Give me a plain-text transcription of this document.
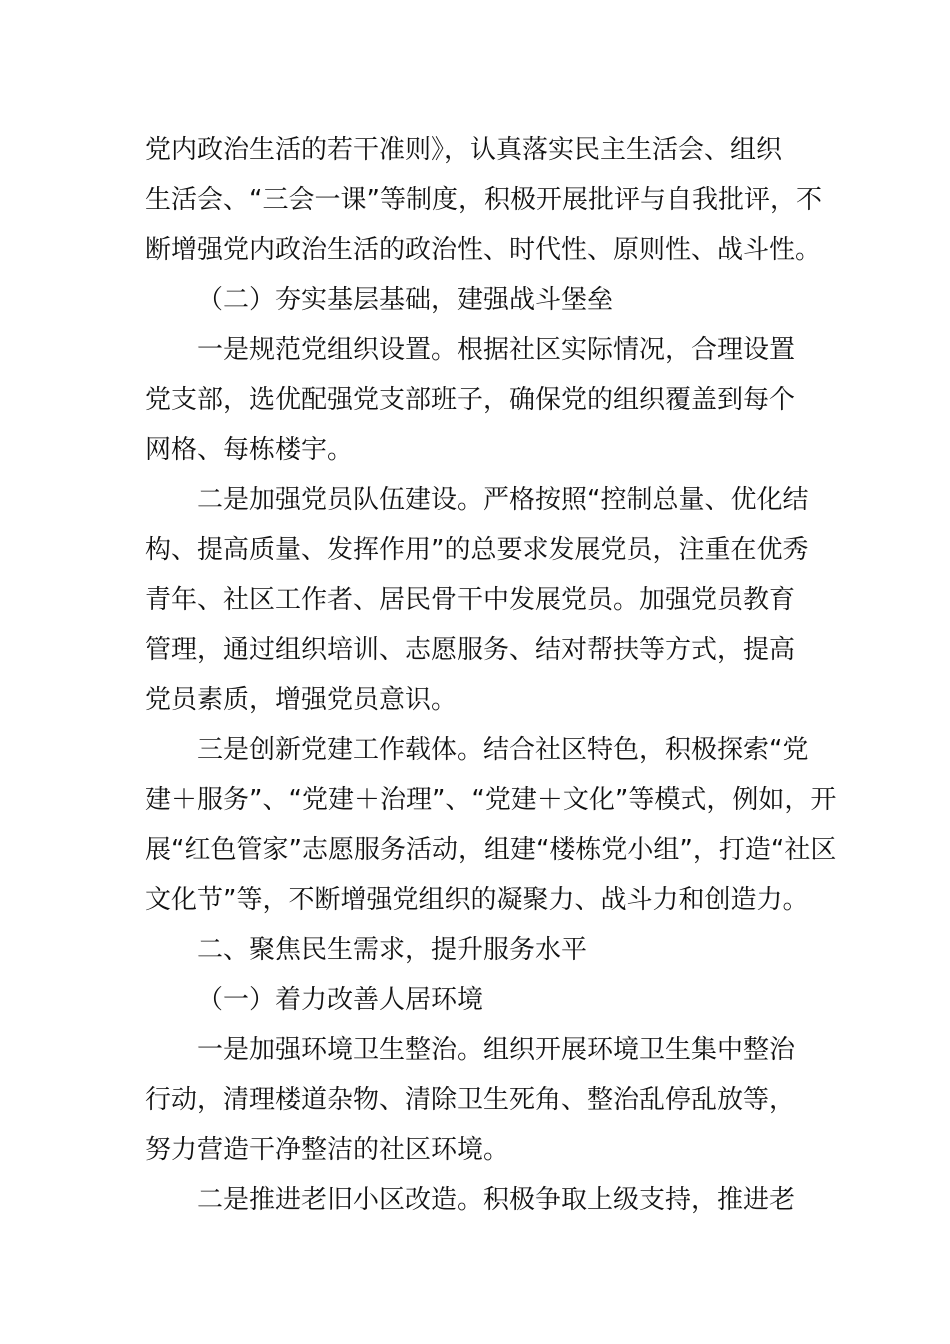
党内政治生活的若干准则》，认真落实民主生活会、组织
生活会、“三会一课”等制度，积极开展批评与自我批评，不
断增强党内政治生活的政治性、时代性、原则性、战斗性。
（二）夯实基层基础，建强战斗堡垒
一是规范党组织设置。根据社区实际情况，合理设置
党支部，选优配强党支部班子，确保党的组织覆盖到每个
网格、每栋楼宇。
二是加强党员队伍建设。严格按照“控制总量、优化结
构、提高质量、发挥作用”的总要求发展党员，注重在优秀
青年、社区工作者、居民骨干中发展党员。加强党员教育
管理，通过组织培训、志愿服务、结对帮扶等方式，提高
党员素质，增强党员意识。
三是创新党建工作载体。结合社区特色，积极探索“党
建＋服务”、“党建＋治理”、“党建＋文化”等模式，例如，开
展“红色管家”志愿服务活动，组建“楼栋党小组”，打造“社区
文化节”等，不断增强党组织的凝聚力、战斗力和创造力。
二、聚焦民生需求，提升服务水平
（一）着力改善人居环境
一是加强环境卫生整治。组织开展环境卫生集中整治
行动，清理楼道杂物、清除卫生死角、整治乱停乱放等，
努力营造干净整洁的社区环境。
二是推进老旧小区改造。积极争取上级支持，推进老
